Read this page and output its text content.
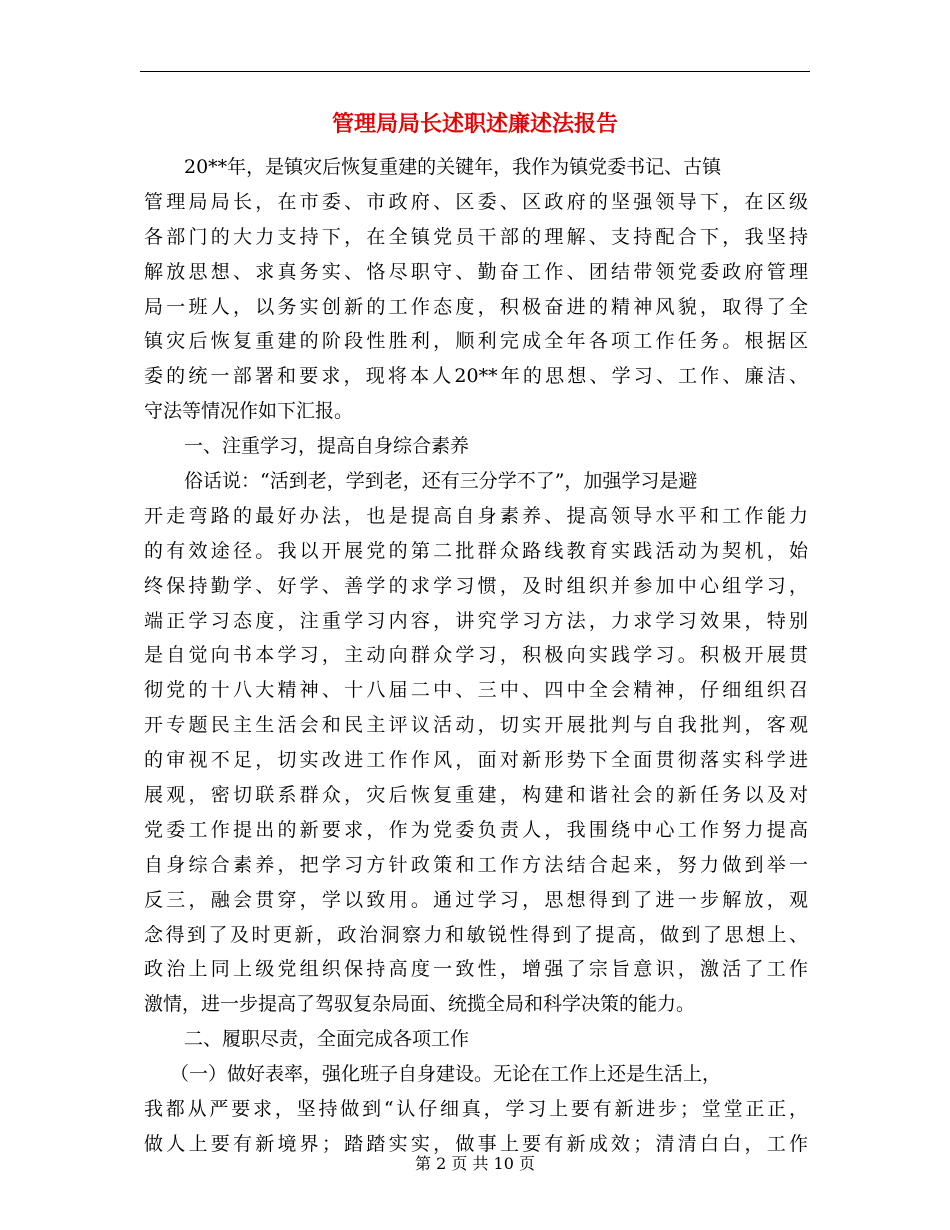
管理局局长述职述廉述法报告
20**年，是镇灾后恢复重建的关键年，我作为镇党委书记、古镇
管理局局长，在市委、市政府、区委、区政府的坚强领导下，在区级
各部门的大力支持下，在全镇党员干部的理解、支持配合下，我坚持
解放思想、求真务实、恪尽职守、勤奋工作、团结带领党委政府管理
局一班人，以务实创新的工作态度，积极奋进的精神风貌，取得了全
镇灾后恢复重建的阶段性胜利，顺利完成全年各项工作任务。根据区
委的统一部署和要求，现将本人20**年的思想、学习、工作、廉洁、
守法等情况作如下汇报。
一、注重学习，提高自身综合素养
俗话说：“活到老，学到老，还有三分学不了”，加强学习是避
开走弯路的最好办法，也是提高自身素养、提高领导水平和工作能力
的有效途径。我以开展党的第二批群众路线教育实践活动为契机，始
终保持勤学、好学、善学的求学习惯，及时组织并参加中心组学习，
端正学习态度，注重学习内容，讲究学习方法，力求学习效果，特别
是自觉向书本学习，主动向群众学习，积极向实践学习。积极开展贯
彻党的十八大精神、十八届二中、三中、四中全会精神，仔细组织召
开专题民主生活会和民主评议活动，切实开展批判与自我批判，客观
的审视不足，切实改进工作作风，面对新形势下全面贯彻落实科学进
展观，密切联系群众，灾后恢复重建，构建和谐社会的新任务以及对
党委工作提出的新要求，作为党委负责人，我围绕中心工作努力提高
自身综合素养，把学习方针政策和工作方法结合起来，努力做到举一
反三，融会贯穿，学以致用。通过学习，思想得到了进一步解放，观
念得到了及时更新，政治洞察力和敏锐性得到了提高，做到了思想上、
政治上同上级党组织保持高度一致性，增强了宗旨意识，激活了工作
激情，进一步提高了驾驭复杂局面、统揽全局和科学决策的能力。
二、履职尽责，全面完成各项工作
（一）做好表率，强化班子自身建设。无论在工作上还是生活上，
我都从严要求，坚持做到“认仔细真，学习上要有新进步；堂堂正正，
做人上要有新境界；踏踏实实，做事上要有新成效；清清白白，工作
第 2 页 共 10 页
